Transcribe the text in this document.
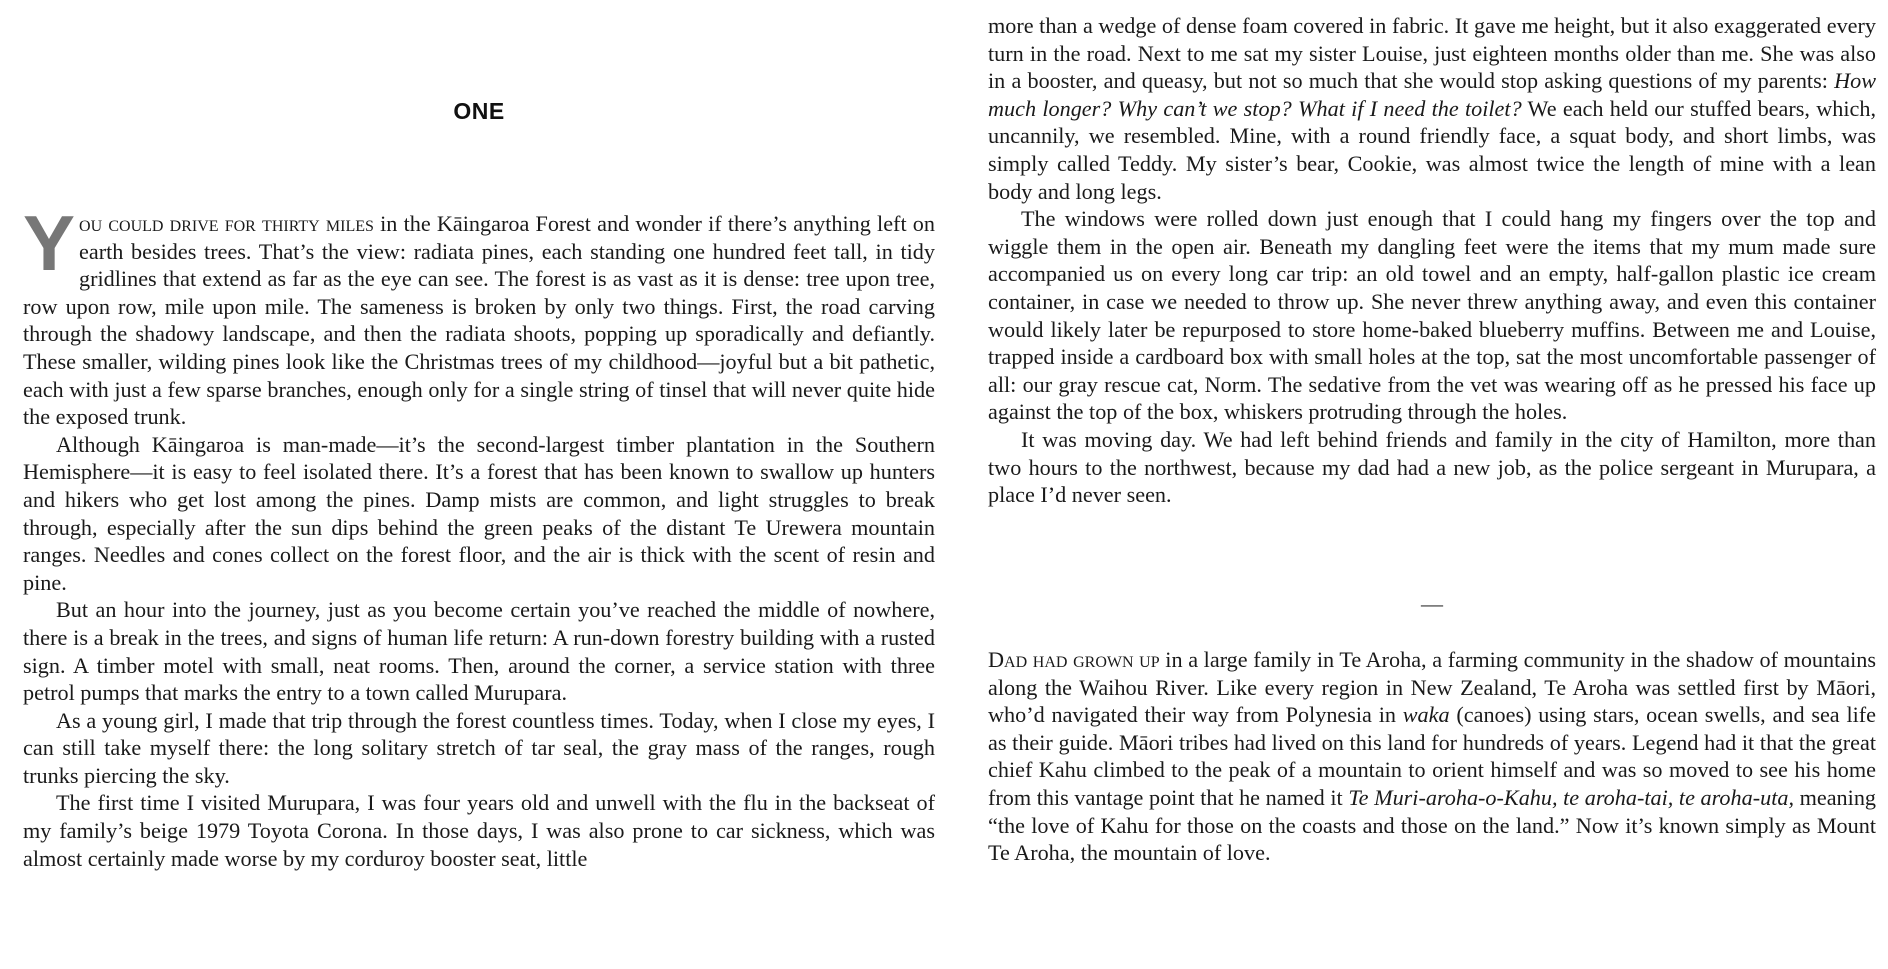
ONE

You could drive for thirty miles in the Kāingaroa Forest and wonder if there’s anything left on earth besides trees. That’s the view: radiata pines, each standing one hundred feet tall, in tidy gridlines that extend as far as the eye can see. The forest is as vast as it is dense: tree upon tree, row upon row, mile upon mile. The sameness is broken by only two things. First, the road carving through the shadowy landscape, and then the radiata shoots, popping up sporadically and defiantly. These smaller, wilding pines look like the Christmas trees of my childhood—joyful but a bit pathetic, each with just a few sparse branches, enough only for a single string of tinsel that will never quite hide the exposed trunk.

Although Kāingaroa is man-made—it’s the second-largest timber plantation in the Southern Hemisphere—it is easy to feel isolated there. It’s a forest that has been known to swallow up hunters and hikers who get lost among the pines. Damp mists are common, and light struggles to break through, especially after the sun dips behind the green peaks of the distant Te Urewera mountain ranges. Needles and cones collect on the forest floor, and the air is thick with the scent of resin and pine.

But an hour into the journey, just as you become certain you’ve reached the middle of nowhere, there is a break in the trees, and signs of human life return: A run-down forestry building with a rusted sign. A timber motel with small, neat rooms. Then, around the corner, a service station with three petrol pumps that marks the entry to a town called Murupara.

As a young girl, I made that trip through the forest countless times. Today, when I close my eyes, I can still take myself there: the long solitary stretch of tar seal, the gray mass of the ranges, rough trunks piercing the sky.

The first time I visited Murupara, I was four years old and unwell with the flu in the backseat of my family’s beige 1979 Toyota Corona. In those days, I was also prone to car sickness, which was almost certainly made worse by my corduroy booster seat, little

more than a wedge of dense foam covered in fabric. It gave me height, but it also exaggerated every turn in the road. Next to me sat my sister Louise, just eighteen months older than me. She was also in a booster, and queasy, but not so much that she would stop asking questions of my parents: How much longer? Why can’t we stop? What if I need the toilet? We each held our stuffed bears, which, uncannily, we resembled. Mine, with a round friendly face, a squat body, and short limbs, was simply called Teddy. My sister’s bear, Cookie, was almost twice the length of mine with a lean body and long legs.

The windows were rolled down just enough that I could hang my fingers over the top and wiggle them in the open air. Beneath my dangling feet were the items that my mum made sure accompanied us on every long car trip: an old towel and an empty, half-gallon plastic ice cream container, in case we needed to throw up. She never threw anything away, and even this container would likely later be repurposed to store home-baked blueberry muffins. Between me and Louise, trapped inside a cardboard box with small holes at the top, sat the most uncomfortable passenger of all: our gray rescue cat, Norm. The sedative from the vet was wearing off as he pressed his face up against the top of the box, whiskers protruding through the holes.

It was moving day. We had left behind friends and family in the city of Hamilton, more than two hours to the northwest, because my dad had a new job, as the police sergeant in Murupara, a place I’d never seen.

—

Dad had grown up in a large family in Te Aroha, a farming community in the shadow of mountains along the Waihou River. Like every region in New Zealand, Te Aroha was settled first by Māori, who’d navigated their way from Polynesia in waka (canoes) using stars, ocean swells, and sea life as their guide. Māori tribes had lived on this land for hundreds of years. Legend had it that the great chief Kahu climbed to the peak of a mountain to orient himself and was so moved to see his home from this vantage point that he named it Te Muri-aroha-o-Kahu, te aroha-tai, te aroha-uta, meaning “the love of Kahu for those on the coasts and those on the land.” Now it’s known simply as Mount Te Aroha, the mountain of love.
